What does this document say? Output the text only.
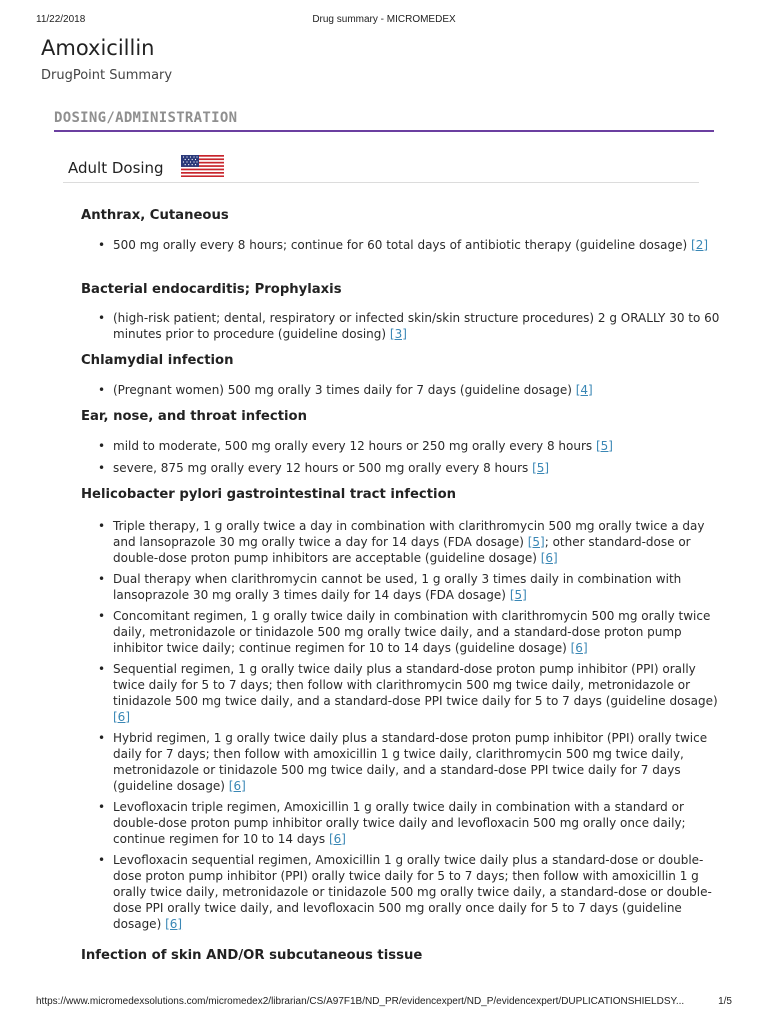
11/22/2018	Drug summary - MICROMEDEX
Amoxicillin
DrugPoint Summary
DOSING/ADMINISTRATION
Adult Dosing
Anthrax, Cutaneous
• 500 mg orally every 8 hours; continue for 60 total days of antibiotic therapy (guideline dosage) [2]
Bacterial endocarditis; Prophylaxis
• (high-risk patient; dental, respiratory or infected skin/skin structure procedures) 2 g ORALLY 30 to 60 minutes prior to procedure (guideline dosing) [3]
Chlamydial infection
• (Pregnant women) 500 mg orally 3 times daily for 7 days (guideline dosage) [4]
Ear, nose, and throat infection
• mild to moderate, 500 mg orally every 12 hours or 250 mg orally every 8 hours [5]
• severe, 875 mg orally every 12 hours or 500 mg orally every 8 hours [5]
Helicobacter pylori gastrointestinal tract infection
• Triple therapy, 1 g orally twice a day in combination with clarithromycin 500 mg orally twice a day and lansoprazole 30 mg orally twice a day for 14 days (FDA dosage) [5]; other standard-dose or double-dose proton pump inhibitors are acceptable (guideline dosage) [6]
• Dual therapy when clarithromycin cannot be used, 1 g orally 3 times daily in combination with lansoprazole 30 mg orally 3 times daily for 14 days (FDA dosage) [5]
• Concomitant regimen, 1 g orally twice daily in combination with clarithromycin 500 mg orally twice daily, metronidazole or tinidazole 500 mg orally twice daily, and a standard-dose proton pump inhibitor twice daily; continue regimen for 10 to 14 days (guideline dosage) [6]
• Sequential regimen, 1 g orally twice daily plus a standard-dose proton pump inhibitor (PPI) orally twice daily for 5 to 7 days; then follow with clarithromycin 500 mg twice daily, metronidazole or tinidazole 500 mg twice daily, and a standard-dose PPI twice daily for 5 to 7 days (guideline dosage) [6]
• Hybrid regimen, 1 g orally twice daily plus a standard-dose proton pump inhibitor (PPI) orally twice daily for 7 days; then follow with amoxicillin 1 g twice daily, clarithromycin 500 mg twice daily, metronidazole or tinidazole 500 mg twice daily, and a standard-dose PPI twice daily for 7 days (guideline dosage) [6]
• Levofloxacin triple regimen, Amoxicillin 1 g orally twice daily in combination with a standard or double-dose proton pump inhibitor orally twice daily and levofloxacin 500 mg orally once daily; continue regimen for 10 to 14 days [6]
• Levofloxacin sequential regimen, Amoxicillin 1 g orally twice daily plus a standard-dose or double-dose proton pump inhibitor (PPI) orally twice daily for 5 to 7 days; then follow with amoxicillin 1 g orally twice daily, metronidazole or tinidazole 500 mg orally twice daily, a standard-dose or double-dose PPI orally twice daily, and levofloxacin 500 mg orally once daily for 5 to 7 days (guideline dosage) [6]
Infection of skin AND/OR subcutaneous tissue
https://www.micromedexsolutions.com/micromedex2/librarian/CS/A97F1B/ND_PR/evidencexpert/ND_P/evidencexpert/DUPLICATIONSHIELDSY...	1/5
